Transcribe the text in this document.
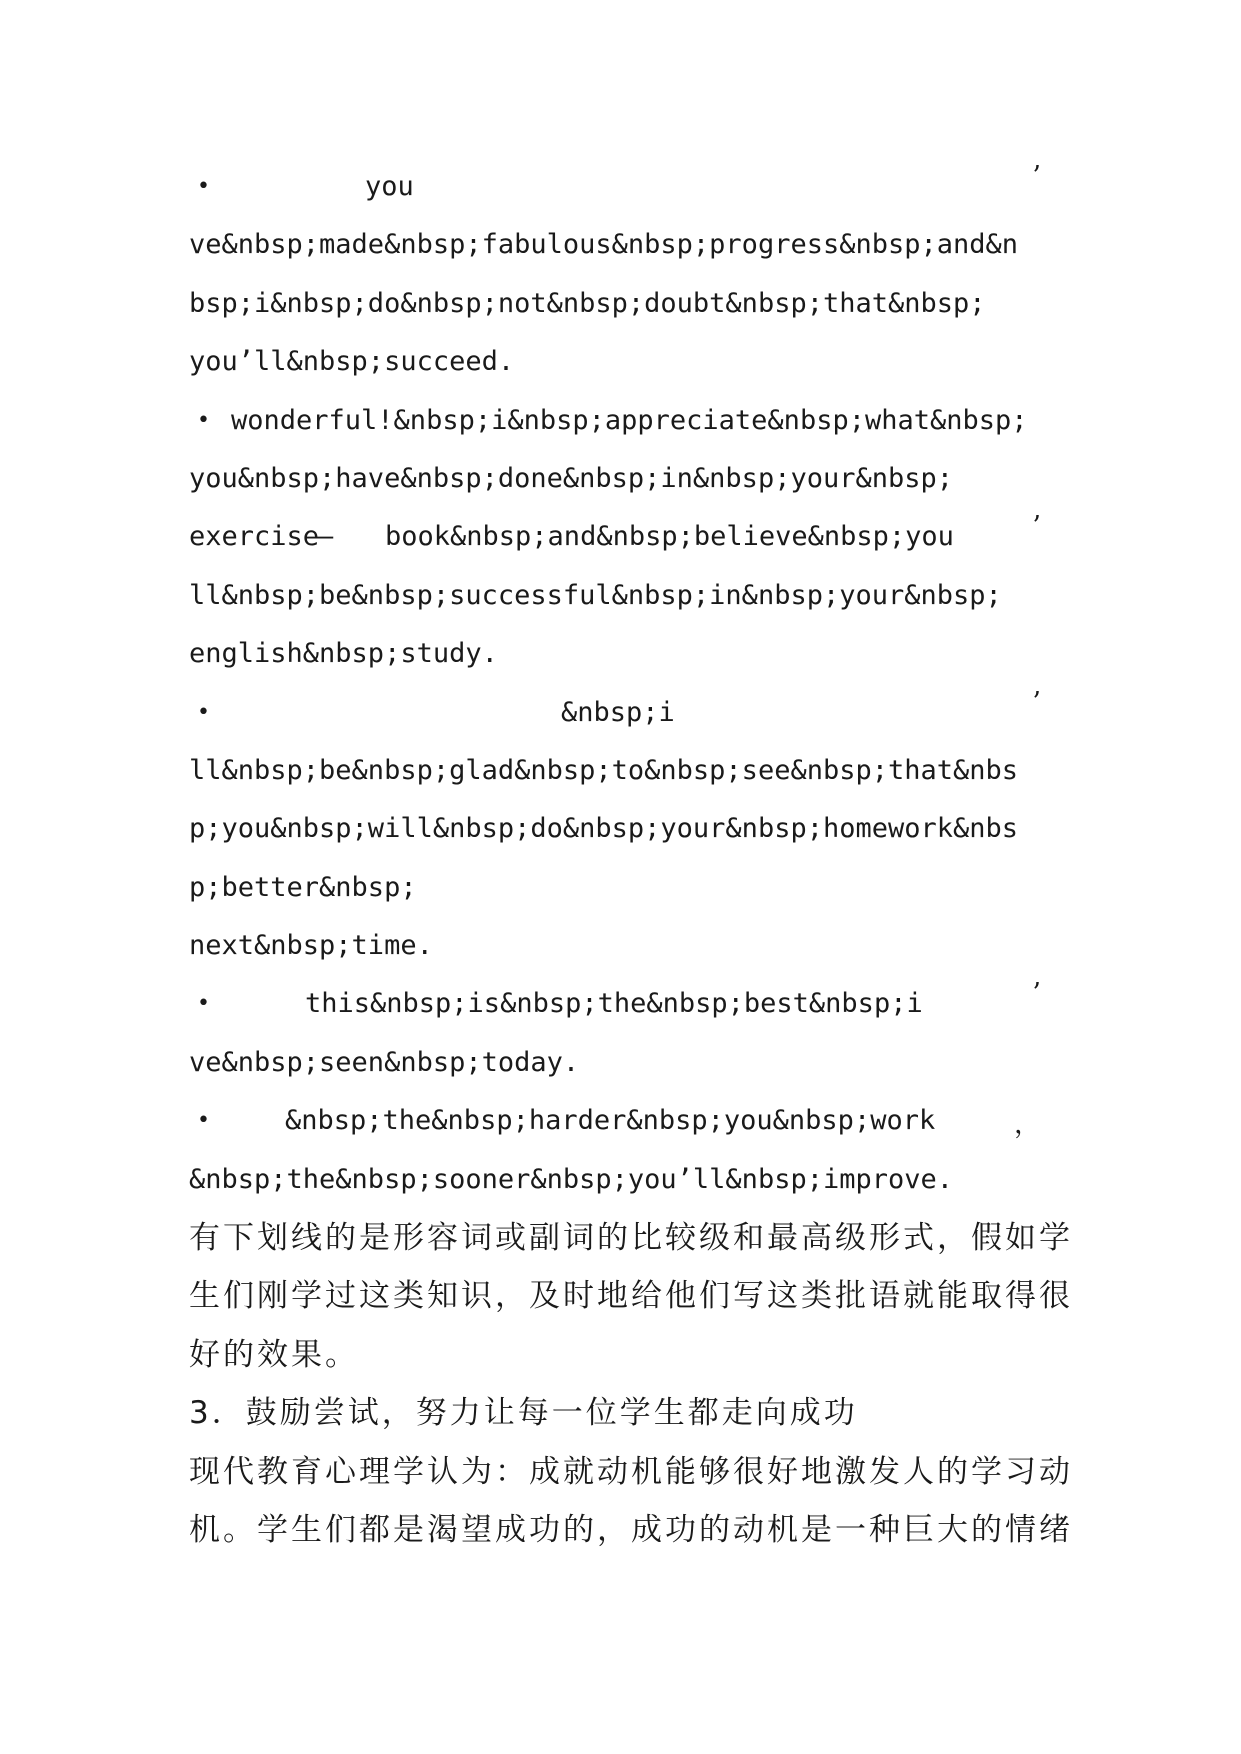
•

	you

	’

ve&nbsp;made&nbsp;fabulous&nbsp;progress&nbsp;and&n
bsp;i&nbsp;do&nbsp;not&nbsp;doubt&nbsp;that&nbsp;
you’ll&nbsp;succeed.

•

wonderful!&nbsp;i&nbsp;appreciate&nbsp;what&nbsp;

you&nbsp;have&nbsp;done&nbsp;in&nbsp;your&nbsp;

exercise

—

book&nbsp;and&nbsp;believe&nbsp;you

	’

ll&nbsp;be&nbsp;successful&nbsp;in&nbsp;your&nbsp;
english&nbsp;study.

•

	&nbsp;i

	’

ll&nbsp;be&nbsp;glad&nbsp;to&nbsp;see&nbsp;that&nbs
p;you&nbsp;will&nbsp;do&nbsp;your&nbsp;homework&nbs
p;better&nbsp;
next&nbsp;time.

•

	this&nbsp;is&nbsp;the&nbsp;best&nbsp;i

	’

ve&nbsp;seen&nbsp;today.

•

	&nbsp;the&nbsp;harder&nbsp;you&nbsp;work

	，

&nbsp;the&nbsp;sooner&nbsp;you’ll&nbsp;improve.
有下划线的是形容词或副词的比较级和最高级形式，假如学
生们刚学过这类知识，及时地给他们写这类批语就能取得很
好的效果。
3．鼓励尝试，努力让每一位学生都走向成功
现代教育心理学认为：成就动机能够很好地激发人的学习动
机。学生们都是渴望成功的，成功的动机是一种巨大的情绪
